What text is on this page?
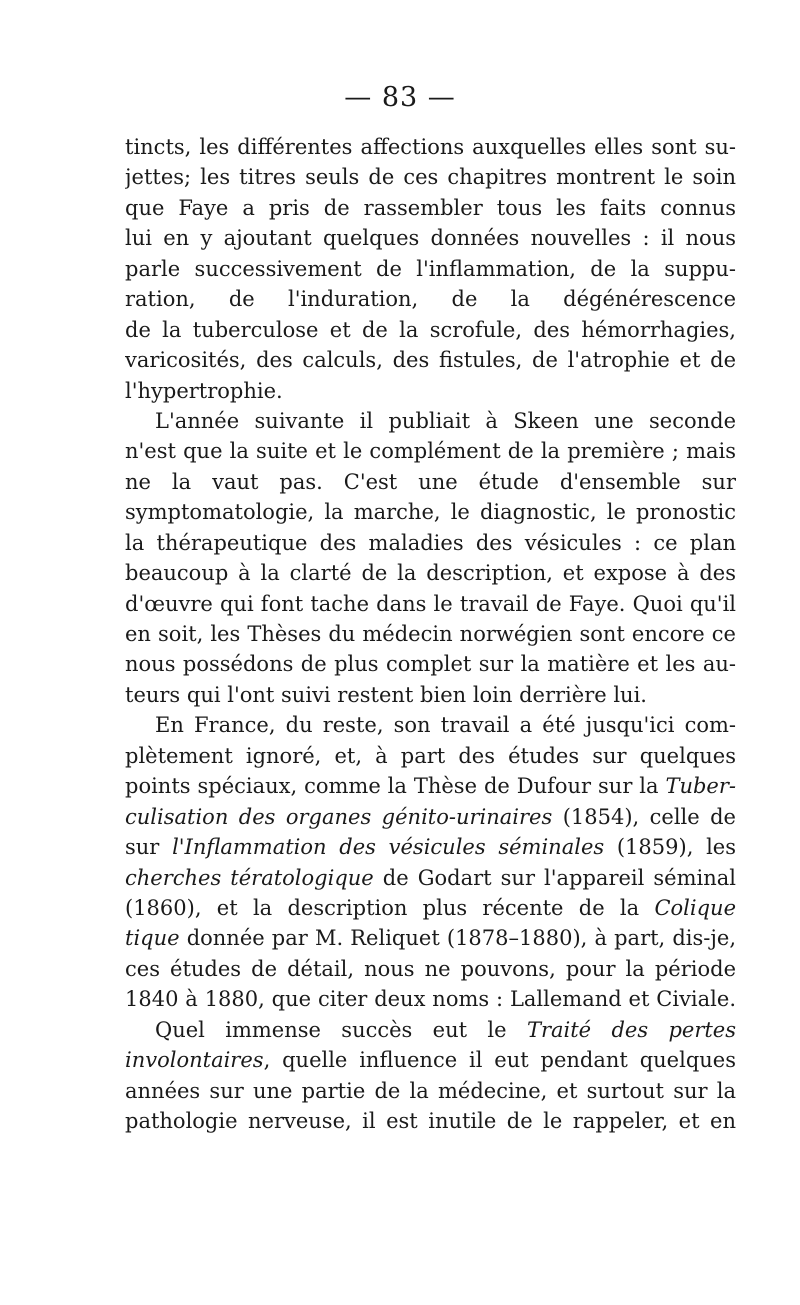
— 83 —
tincts, les différentes affections auxquelles elles sont su-
jettes; les titres seuls de ces chapitres montrent le soin
que Faye a pris de rassembler tous les faits connus
lui en y ajoutant quelques données nouvelles : il nous
parle successivement de l'inflammation, de la suppu-
ration, de l'induration, de la dégénérescence
de la tuberculose et de la scrofule, des hémorrhagies,
varicosités, des calculs, des fistules, de l'atrophie et de
l'hypertrophie.
L'année suivante il publiait à Skeen une seconde
n'est que la suite et le complément de la première ; mais
ne la vaut pas. C'est une étude d'ensemble sur
symptomatologie, la marche, le diagnostic, le pronostic
la thérapeutique des maladies des vésicules : ce plan
beaucoup à la clarté de la description, et expose à des
d'œuvre qui font tache dans le travail de Faye. Quoi qu'il
en soit, les Thèses du médecin norwégien sont encore ce
nous possédons de plus complet sur la matière et les au-
teurs qui l'ont suivi restent bien loin derrière lui.
En France, du reste, son travail a été jusqu'ici com-
plètement ignoré, et, à part des études sur quelques
points spéciaux, comme la Thèse de Dufour sur la Tuber-
culisation des organes génito-urinaires (1854), celle de
sur l'Inflammation des vésicules séminales (1859), les
cherches tératologique de Godart sur l'appareil séminal
(1860), et la description plus récente de la Colique
tique donnée par M. Reliquet (1878–1880), à part, dis-je,
ces études de détail, nous ne pouvons, pour la période
1840 à 1880, que citer deux noms : Lallemand et Civiale.
Quel immense succès eut le Traité des pertes
involontaires, quelle influence il eut pendant quelques
années sur une partie de la médecine, et surtout sur la
pathologie nerveuse, il est inutile de le rappeler, et en
